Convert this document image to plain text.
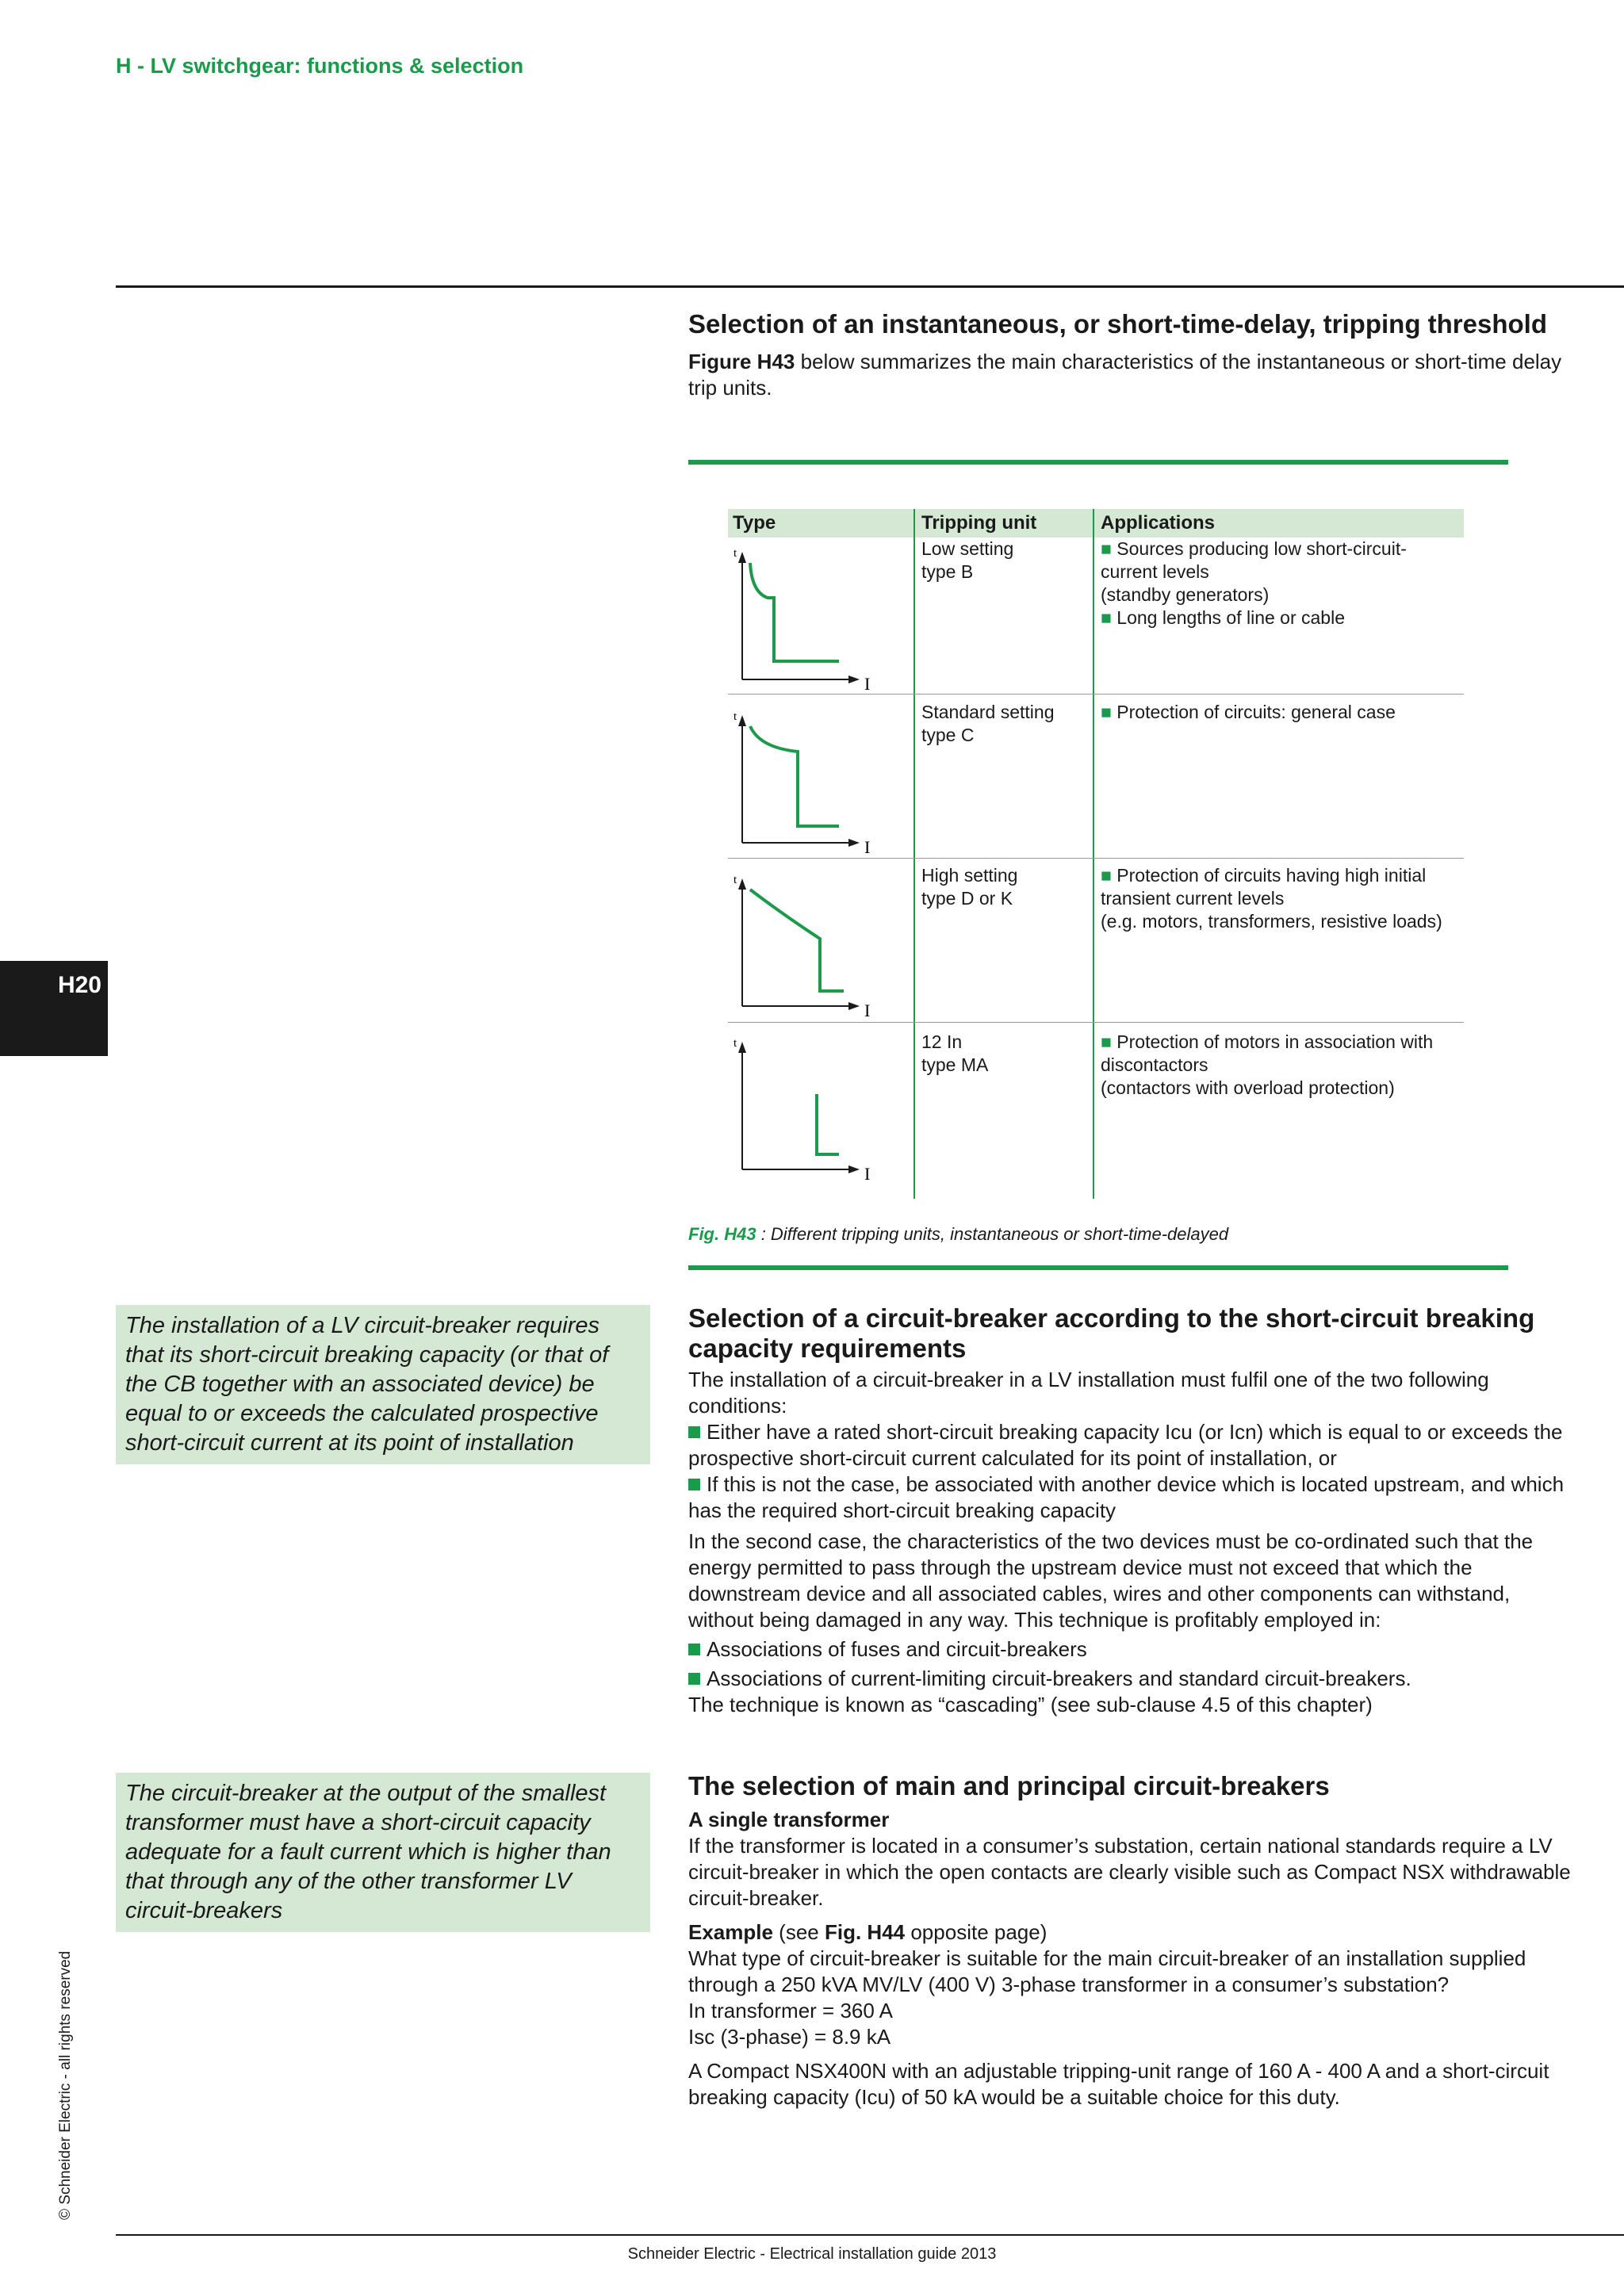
H - LV switchgear: functions & selection
H20
© Schneider Electric - all rights reserved
Selection of an instantaneous, or short-time-delay, tripping threshold

Figure H43 below summarizes the main characteristics of the instantaneous or short-time delay trip units.

Type	Tripping unit	Applications
t
I
Low setting
type B
■ Sources producing low short-circuit-
current levels
(standby generators)
■ Long lengths of line or cable
t
I
Standard setting
type C
■ Protection of circuits: general case
t
I
High setting
type D or K
■ Protection of circuits having high initial
transient current levels
(e.g. motors, transformers, resistive loads)
t
I
12 In
type MA
■ Protection of motors in association with
discontactors
(contactors with overload protection)
Fig. H43 : Different tripping units, instantaneous or short-time-delayed
The installation of a LV circuit-breaker requires that its short-circuit breaking capacity (or that of the CB together with an associated device) be equal to or exceeds the calculated prospective short-circuit current at its point of installation
The circuit-breaker at the output of the smallest transformer must have a short-circuit capacity adequate for a fault current which is higher than that through any of the other transformer LV circuit-breakers
Selection of a circuit-breaker according to the short-circuit breaking capacity requirements

The installation of a circuit-breaker in a LV installation must fulfil one of the two following conditions:

Either have a rated short-circuit breaking capacity Icu (or Icn) which is equal to or exceeds the prospective short-circuit current calculated for its point of installation, or

If this is not the case, be associated with another device which is located upstream, and which has the required short-circuit breaking capacity

In the second case, the characteristics of the two devices must be co-ordinated such that the energy permitted to pass through the upstream device must not exceed that which the downstream device and all associated cables, wires and other components can withstand, without being damaged in any way. This technique is profitably employed in:

Associations of fuses and circuit-breakers

Associations of current-limiting circuit-breakers and standard circuit-breakers.

The technique is known as “cascading” (see sub-clause 4.5 of this chapter)

The selection of main and principal circuit-breakers
A single transformer

If the transformer is located in a consumer’s substation, certain national standards require a LV circuit-breaker in which the open contacts are clearly visible such as Compact NSX withdrawable circuit-breaker.

Example (see Fig. H44 opposite page)

What type of circuit-breaker is suitable for the main circuit-breaker of an installation supplied through a 250 kVA MV/LV (400 V) 3-phase transformer in a consumer’s substation?

In transformer = 360 A

Isc (3-phase) = 8.9 kA

A Compact NSX400N with an adjustable tripping-unit range of 160 A - 400 A and a short-circuit breaking capacity (Icu) of 50 kA would be a suitable choice for this duty.

Schneider Electric - Electrical installation guide 2013
